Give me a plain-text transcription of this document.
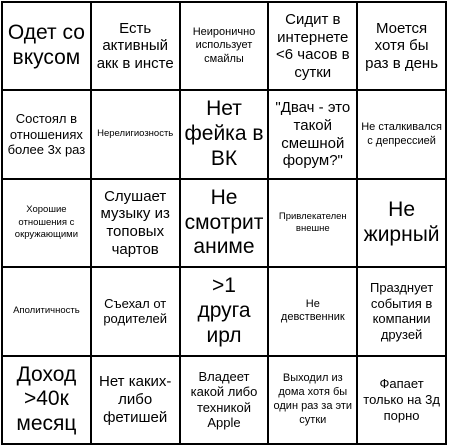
Одет со вкусом
Есть активный акк в инсте
Неиронично использует смайлы
Сидит в интернете <6 часов в сутки
Моется хотя бы раз в день
Состоял в отношениях более 3х раз
Нерелигиозность
Нет фейка в ВК
"Двач - это такой смешной форум?"
Не сталкивался с депрессией
Хорошие отношения с окружающими
Слушает музыку из топовых чартов
Не смотрит аниме
Привлекателен внешне
Не жирный
Аполитичность	Съехал от родителей
>1 друга ирл
Не девственник
Празднует события в компании друзей
Доход >40к месяц
Нет каких-либо фетишей
Владеет какой либо техникой Apple
Выходил из дома хотя бы один раз за эти сутки
Фапает только на 3д порно
